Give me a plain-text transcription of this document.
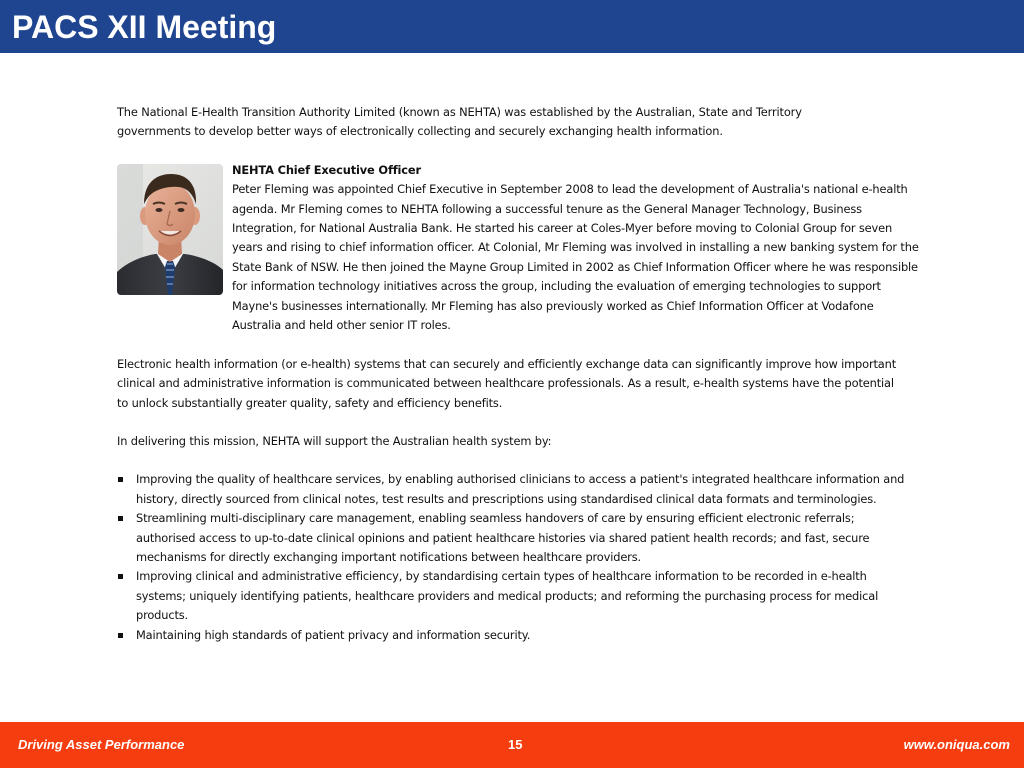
PACS XII Meeting

The National E-Health Transition Authority Limited (known as NEHTA) was established by the Australian, State and Territory governments to develop better ways of electronically collecting and securely exchanging health information.

NEHTA Chief Executive Officer

Peter Fleming was appointed Chief Executive in September 2008 to lead the development of Australia's national e-health agenda. Mr Fleming comes to NEHTA following a successful tenure as the General Manager Technology, Business Integration, for National Australia Bank. He started his career at Coles-Myer before moving to Colonial Group for seven years and rising to chief information officer. At Colonial, Mr Fleming was involved in installing a new banking system for the State Bank of NSW. He then joined the Mayne Group Limited in 2002 as Chief Information Officer where he was responsible for information technology initiatives across the group, including the evaluation of emerging technologies to support Mayne's businesses internationally. Mr Fleming has also previously worked as Chief Information Officer at Vodafone Australia and held other senior IT roles.

Electronic health information (or e-health) systems that can securely and efficiently exchange data can significantly improve how important clinical and administrative information is communicated between healthcare professionals. As a result, e-health systems have the potential to unlock substantially greater quality, safety and efficiency benefits.

In delivering this mission, NEHTA will support the Australian health system by:

Improving the quality of healthcare services, by enabling authorised clinicians to access a patient's integrated healthcare information and history, directly sourced from clinical notes, test results and prescriptions using standardised clinical data formats and terminologies.
Streamlining multi-disciplinary care management, enabling seamless handovers of care by ensuring efficient electronic referrals; authorised access to up-to-date clinical opinions and patient healthcare histories via shared patient health records; and fast, secure mechanisms for directly exchanging important notifications between healthcare providers.
Improving clinical and administrative efficiency, by standardising certain types of healthcare information to be recorded in e-health systems; uniquely identifying patients, healthcare providers and medical products; and reforming the purchasing process for medical products.
Maintaining high standards of patient privacy and information security.
Driving Asset Performance	15	www.oniqua.com
